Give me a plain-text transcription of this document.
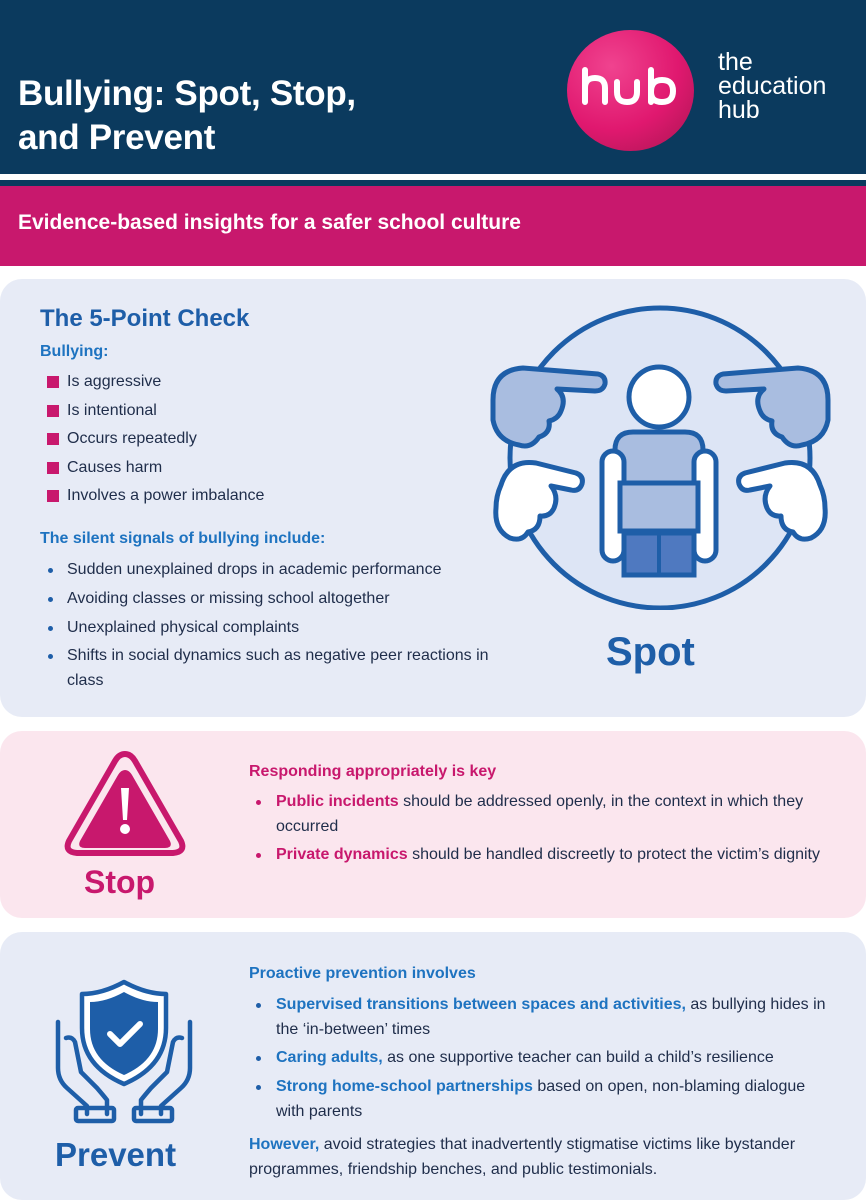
Bullying: Spot, Stop,
and Prevent
the
education
hub
Evidence-based insights for a safer school culture
The 5-Point Check
Bullying:
Is aggressive
Is intentional
Occurs repeatedly
Causes harm
Involves a power imbalance
The silent signals of bullying include:
Sudden unexplained drops in academic performance
Avoiding classes or missing school altogether
Unexplained physical complaints
Shifts in social dynamics such as negative peer reactions in class
Spot
Stop
Responding appropriately is key
Public incidents should be addressed openly, in the context in which they occurred
Private dynamics should be handled discreetly to protect the victim’s dignity
Prevent
Proactive prevention involves
Supervised transitions between spaces and activities, as bullying hides in the ‘in-between’ times
Caring adults, as one supportive teacher can build a child’s resilience
Strong home-school partnerships based on open, non-blaming dialogue with parents
However, avoid strategies that inadvertently stigmatise victims like bystander programmes, friendship benches, and public testimonials.
